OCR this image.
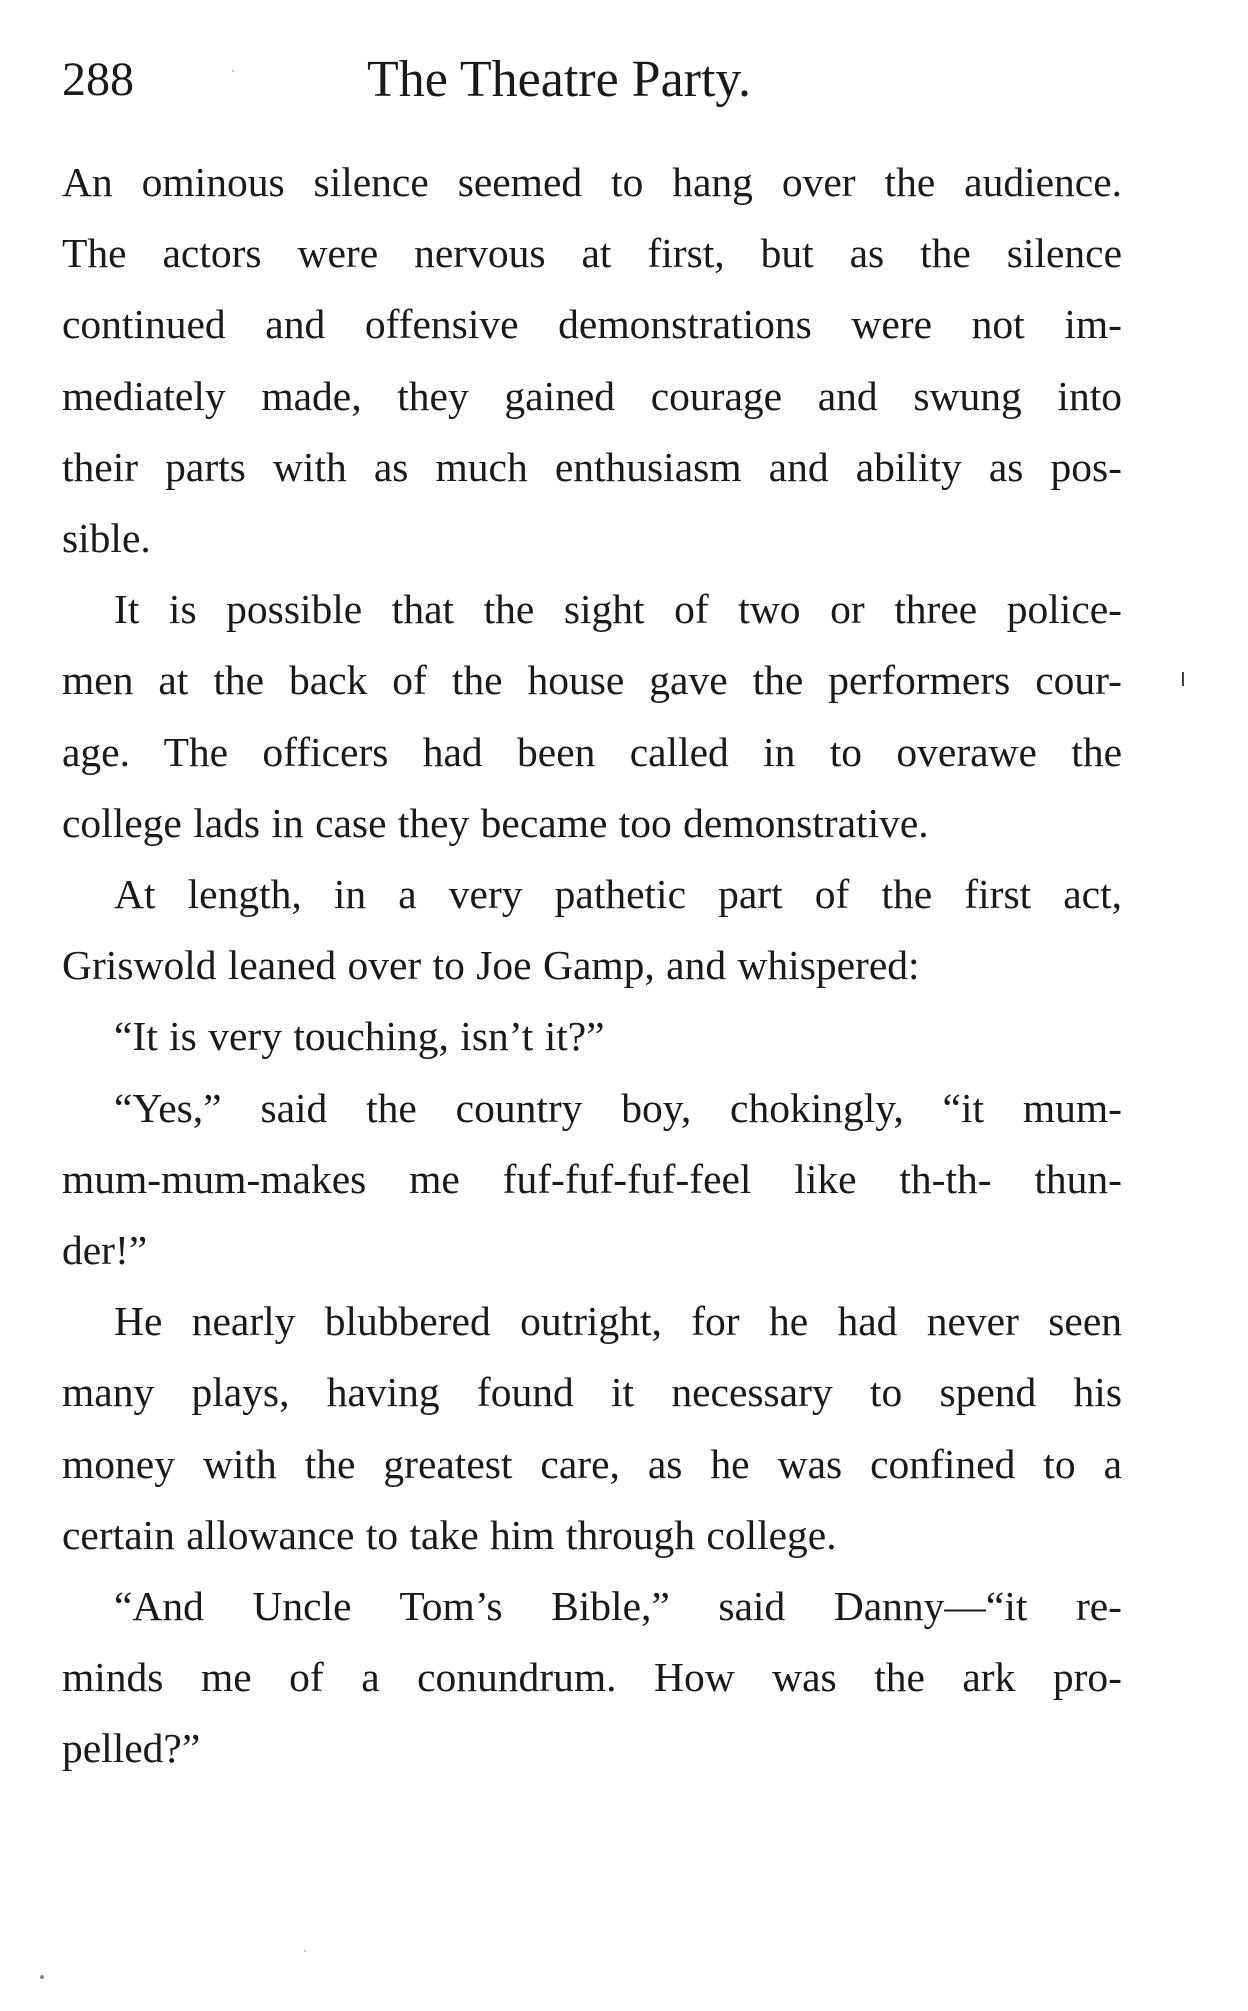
288	The Theatre Party.

An ominous silence seemed to hang over the audience.
The actors were nervous at first, but as the silence
continued and offensive demonstrations were not im-
mediately made, they gained courage and swung into
their parts with as much enthusiasm and ability as pos-
sible.

It is possible that the sight of two or three police-
men at the back of the house gave the performers cour-
age. The officers had been called in to overawe the
college lads in case they became too demonstrative.

At length, in a very pathetic part of the first act,
Griswold leaned over to Joe Gamp, and whispered:

“It is very touching, isn’t it?”

“Yes,” said the country boy, chokingly, “it mum-
mum-mum-makes me fuf-fuf-fuf-feel like th-th- thun-
der!”

He nearly blubbered outright, for he had never seen
many plays, having found it necessary to spend his
money with the greatest care, as he was confined to a
certain allowance to take him through college.

“And Uncle Tom’s Bible,” said Danny—“it re-
minds me of a conundrum. How was the ark pro-
pelled?”
